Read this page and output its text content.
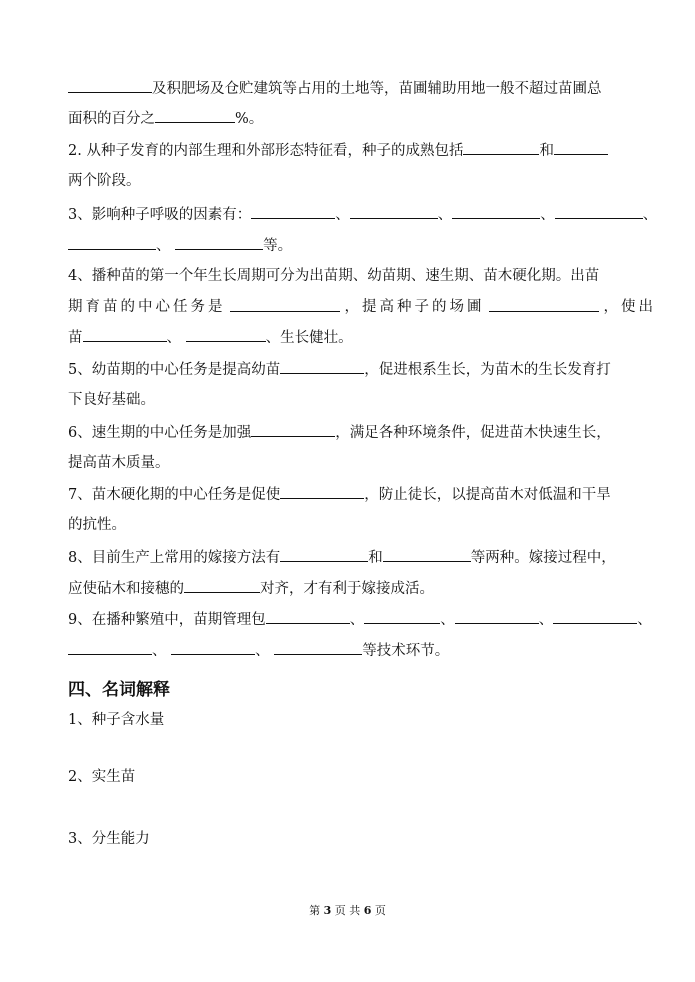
及积肥场及仓贮建筑等占用的土地等，苗圃辅助用地一般不超过苗圃总
面积的百分之	%。
2. 从种子发育的内部生理和外部形态特征看，种子的成熟包括	和
两个阶段。
3、影响种子呼吸的因素有：	、	、	、	、
、	等。
4、播种苗的第一个年生长周期可分为出苗期、幼苗期、速生期、苗木硬化期。出苗
期育苗的中心任务是	，提高种子的场圃	，使出
苗	、	、生长健壮。
5、幼苗期的中心任务是提高幼苗	，促进根系生长，为苗木的生长发育打
下良好基础。
6、速生期的中心任务是加强	，满足各种环境条件，促进苗木快速生长，
提高苗木质量。
7、苗木硬化期的中心任务是促使	，防止徒长，以提高苗木对低温和干旱
的抗性。
8、目前生产上常用的嫁接方法有	和	等两种。嫁接过程中，
应使砧木和接穗的	对齐，才有利于嫁接成活。
9、在播种繁殖中，苗期管理包	、	、	、	、
、	、	等技术环节。
四、名词解释
1、种子含水量
2、实生苗
3、分生能力
第 3 页 共 6 页
